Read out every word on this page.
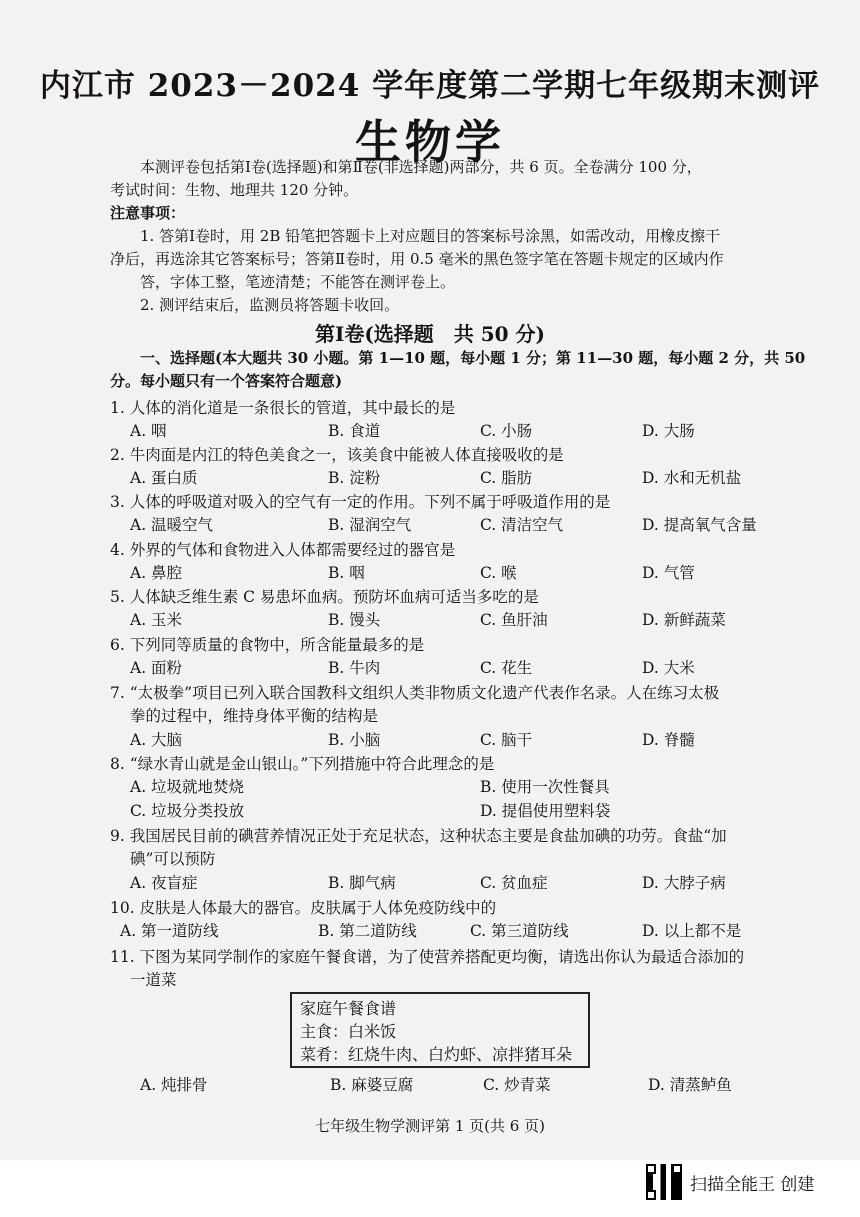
内江市 2023－2024 学年度第二学期七年级期末测评
生物学
本测评卷包括第Ⅰ卷(选择题)和第Ⅱ卷(非选择题)两部分，共 6 页。全卷满分 100 分，
考试时间：生物、地理共 120 分钟。
注意事项：
1. 答第Ⅰ卷时，用 2B 铅笔把答题卡上对应题目的答案标号涂黑，如需改动，用橡皮擦干
净后，再选涂其它答案标号；答第Ⅱ卷时，用 0.5 毫米的黑色签字笔在答题卡规定的区域内作
答，字体工整，笔迹清楚；不能答在测评卷上。
2. 测评结束后，监测员将答题卡收回。
第Ⅰ卷(选择题　共 50 分)
一、选择题(本大题共 30 小题。第 1—10 题，每小题 1 分；第 11—30 题，每小题 2 分，共 50
分。每小题只有一个答案符合题意)
1. 人体的消化道是一条很长的管道，其中最长的是
A. 咽	B. 食道	C. 小肠	D. 大肠
2. 牛肉面是内江的特色美食之一，该美食中能被人体直接吸收的是
A. 蛋白质	B. 淀粉	C. 脂肪	D. 水和无机盐
3. 人体的呼吸道对吸入的空气有一定的作用。下列不属于呼吸道作用的是
A. 温暖空气	B. 湿润空气	C. 清洁空气	D. 提高氧气含量
4. 外界的气体和食物进入人体都需要经过的器官是
A. 鼻腔	B. 咽	C. 喉	D. 气管
5. 人体缺乏维生素 C 易患坏血病。预防坏血病可适当多吃的是
A. 玉米	B. 馒头	C. 鱼肝油	D. 新鲜蔬菜
6. 下列同等质量的食物中，所含能量最多的是
A. 面粉	B. 牛肉	C. 花生	D. 大米
7. “太极拳”项目已列入联合国教科文组织人类非物质文化遗产代表作名录。人在练习太极
拳的过程中，维持身体平衡的结构是
A. 大脑	B. 小脑	C. 脑干	D. 脊髓
8. “绿水青山就是金山银山。”下列措施中符合此理念的是
A. 垃圾就地焚烧	B. 使用一次性餐具
C. 垃圾分类投放	D. 提倡使用塑料袋
9. 我国居民目前的碘营养情况正处于充足状态，这种状态主要是食盐加碘的功劳。食盐“加
碘”可以预防
A. 夜盲症	B. 脚气病	C. 贫血症	D. 大脖子病
10. 皮肤是人体最大的器官。皮肤属于人体免疫防线中的
A. 第一道防线	B. 第二道防线	C. 第三道防线	D. 以上都不是
11. 下图为某同学制作的家庭午餐食谱，为了使营养搭配更均衡，请选出你认为最适合添加的
一道菜
家庭午餐食谱
主食：白米饭
菜肴：红烧牛肉、白灼虾、凉拌猪耳朵
A. 炖排骨	B. 麻婆豆腐	C. 炒青菜	D. 清蒸鲈鱼
七年级生物学测评第 1 页(共 6 页)
扫描全能王 创建
